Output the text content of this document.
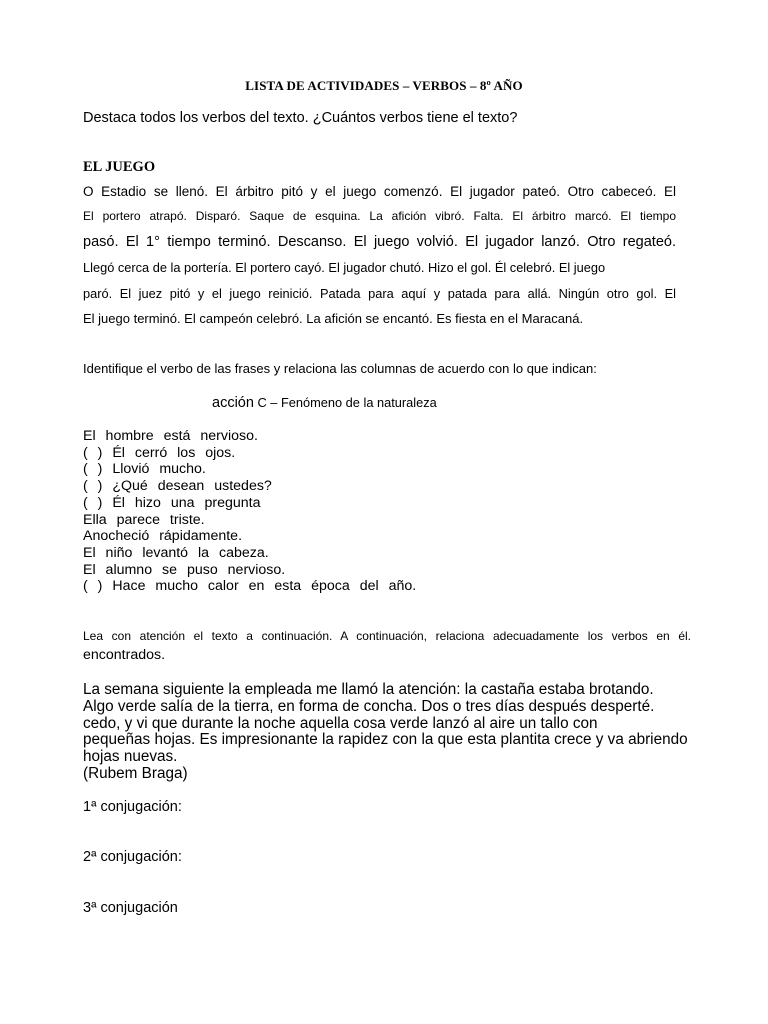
LISTA DE ACTIVIDADES – VERBOS – 8º AÑO
Destaca todos los verbos del texto. ¿Cuántos verbos tiene el texto?
EL JUEGO
O Estadio se llenó. El árbitro pitó y el juego comenzó. El jugador pateó. Otro cabeceó. El
El portero atrapó. Disparó. Saque de esquina. La afición vibró. Falta. El árbitro marcó. El tiempo
pasó. El 1° tiempo terminó. Descanso. El juego volvió. El jugador lanzó. Otro regateó.
Llegó cerca de la portería. El portero cayó. El jugador chutó. Hizo el gol. Él celebró. El juego
paró. El juez pitó y el juego reinició. Patada para aquí y patada para allá. Ningún otro gol. El
El juego terminó. El campeón celebró. La afición se encantó. Es fiesta en el Maracaná.
Identifique el verbo de las frases y relaciona las columnas de acuerdo con lo que indican:
acción C – Fenómeno de la naturaleza
El hombre está nervioso.
( ) Él cerró los ojos.
( ) Llovió mucho.
( ) ¿Qué desean ustedes?
( ) Él hizo una pregunta
Ella parece triste.
Anocheció rápidamente.
El niño levantó la cabeza.
El alumno se puso nervioso.
( ) Hace mucho calor en esta época del año.
Lea con atención el texto a continuación. A continuación, relaciona adecuadamente los verbos en él.
encontrados.
La semana siguiente la empleada me llamó la atención: la castaña estaba brotando.
Algo verde salía de la tierra, en forma de concha. Dos o tres días después desperté.
cedo, y vi que durante la noche aquella cosa verde lanzó al aire un tallo con
pequeñas hojas. Es impresionante la rapidez con la que esta plantita crece y va abriendo
hojas nuevas.
(Rubem Braga)
1ª conjugación:
2ª conjugación:
3ª conjugación
